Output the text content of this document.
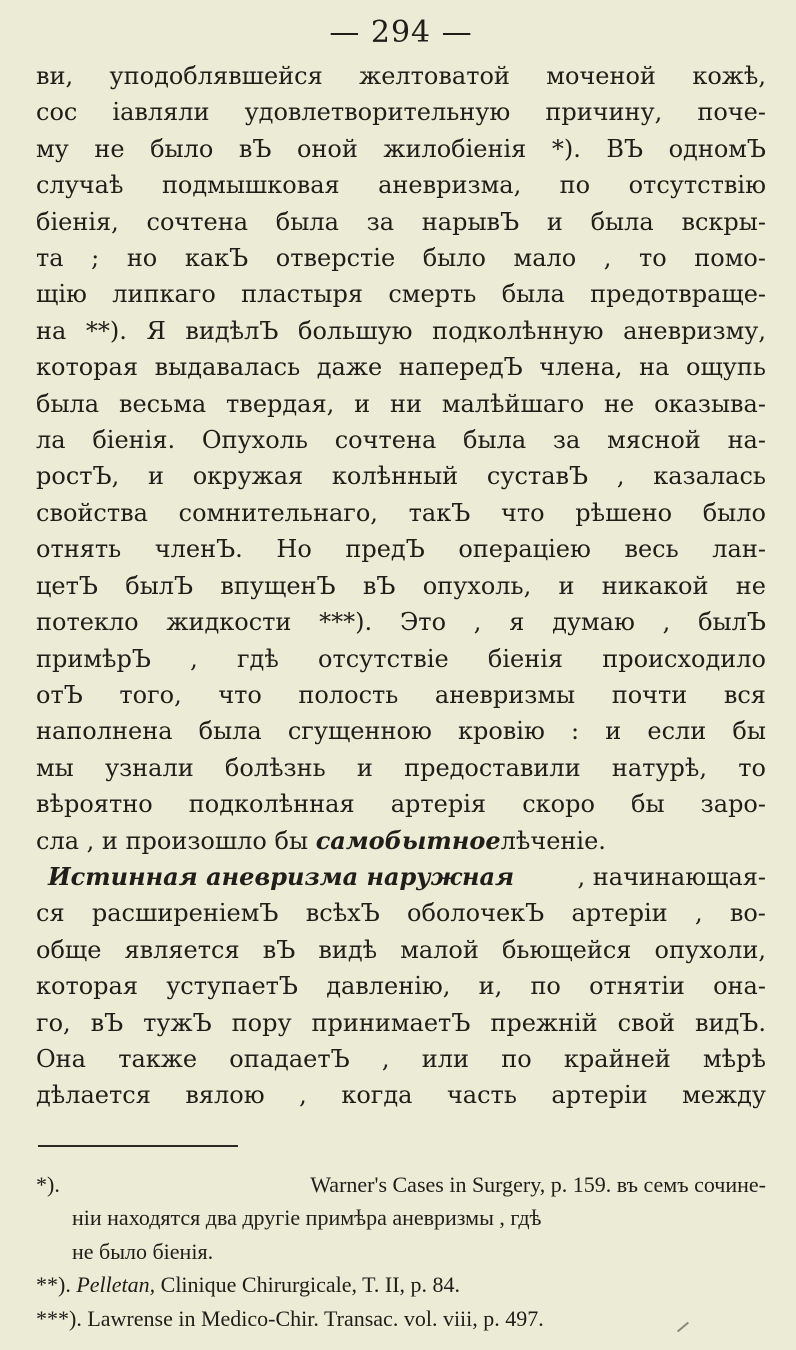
— 294 —
ви, уподоблявшейся желтоватой моченой кожѣ,
сос іавляли удовлетворительную причину, поче-
му не было вЪ оной жилобіенія *). ВЪ одномЪ
случаѣ подмышковая аневризма, по отсутствію
біенія, сочтена была за нарывЪ и была вскры-
та ; но какЪ отверстіе было мало , то помо-
щію липкаго пластыря смерть была предотвраще-
на **). Я видѣлЪ большую подколѣнную аневризму,
которая выдавалась даже напередЪ члена, на ощупь
была весьма твердая, и ни малѣйшаго не оказыва-
ла біенія. Опухоль сочтена была за мясной на-
ростЪ, и окружая колѣнный суставЪ , казалась
свойства сомнительнаго, такЪ что рѣшено было
отнять членЪ. Но предЪ операціею весь лан-
цетЪ былЪ впущенЪ вЪ опухоль, и никакой не
потекло жидкости ***). Это , я думаю , былЪ
примѣрЪ , гдѣ отсутствіе біенія происходило
отЪ того, что полость аневризмы почти вся
наполнена была сгущенною кровію : и если бы
мы узнали болѣзнь и предоставили натурѣ, то
вѣроятно подколѣнная артерія скоро бы заро-
сла , и произошло бы
самобытное лѣченіе.
Истинная аневризма наружная	, начинающая-
ся расширеніемЪ всѣхЪ оболочекЪ артеріи , во-
обще является вЪ видѣ малой бьющейся опухоли,
которая уступаетЪ давленію, и, по отнятіи она-
го, вЪ тужЪ пору принимаетЪ прежній свой видЪ.
Она также опадаетЪ , или по крайней мѣрѣ
дѣлается вялою , когда часть артеріи между
*).
	Warner's Cases in Surgery, p. 159. въ семъ сочине-
ніи находятся два другіе примѣра аневризмы , гдѣ
не было біенія.
**).
Pelletan,
Clinique Chirurgicale, T. II, p. 84.
***).
Lawrense in Medico-Chir. Transac. vol. viii, p. 497.
